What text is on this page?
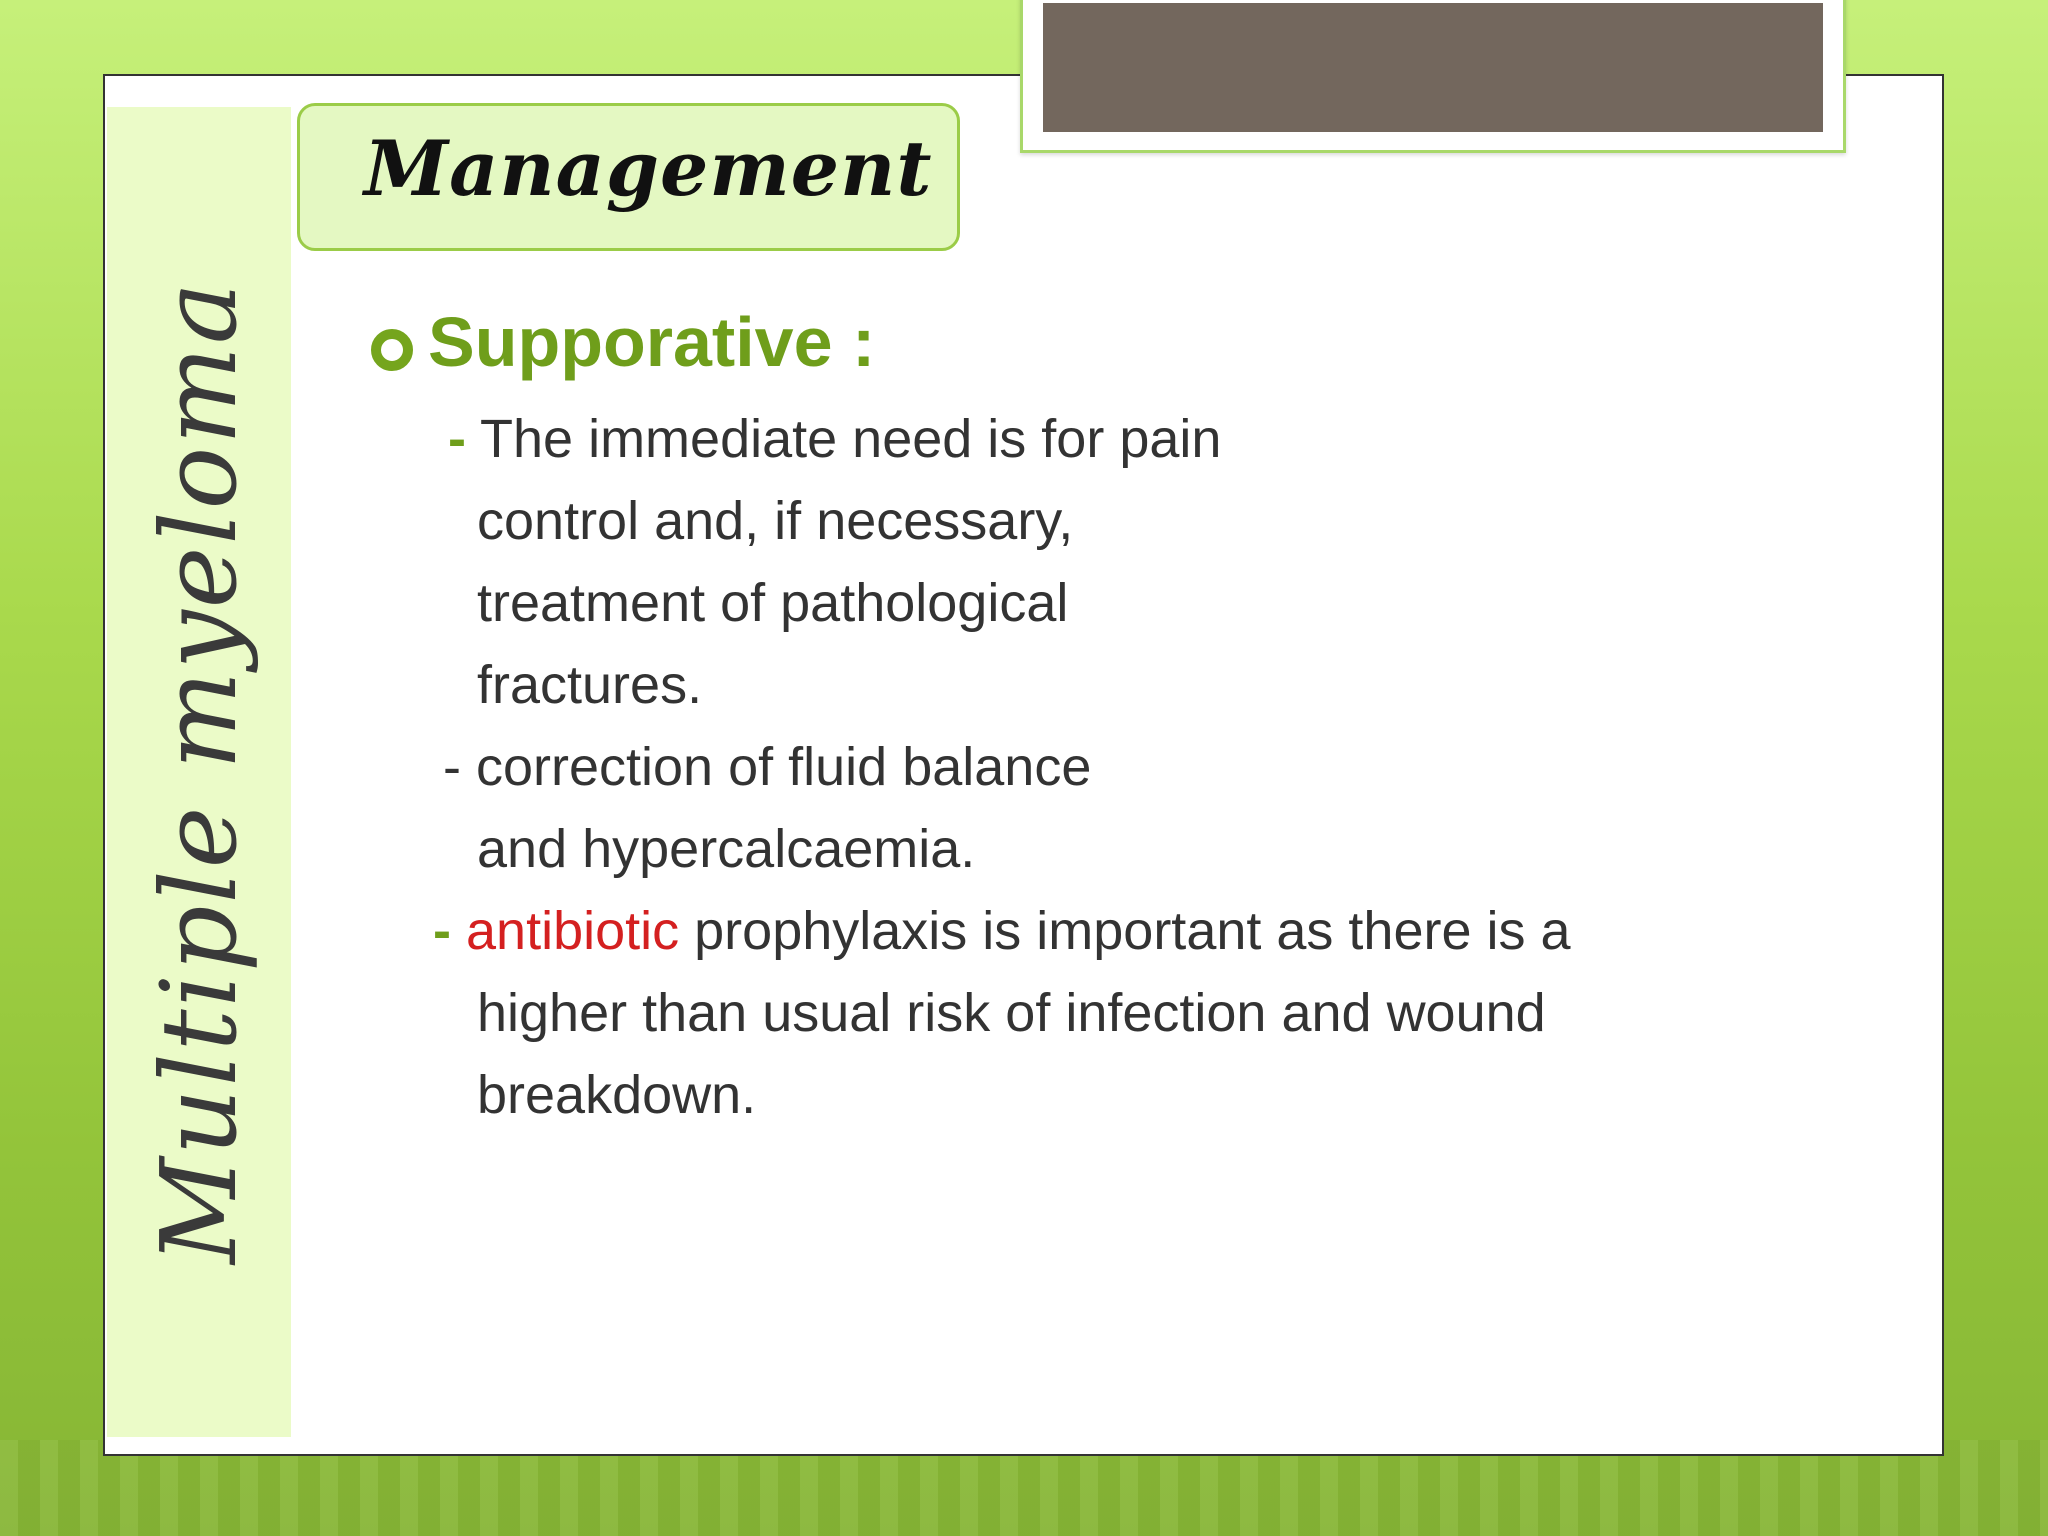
Multiple myeloma
Management
Supporative :
- The immediate need is for pain
control and, if necessary,
treatment of pathological
fractures.
- correction of fluid balance
and hypercalcaemia.
- antibiotic prophylaxis is important as there is a
higher than usual risk of infection and wound
breakdown.
